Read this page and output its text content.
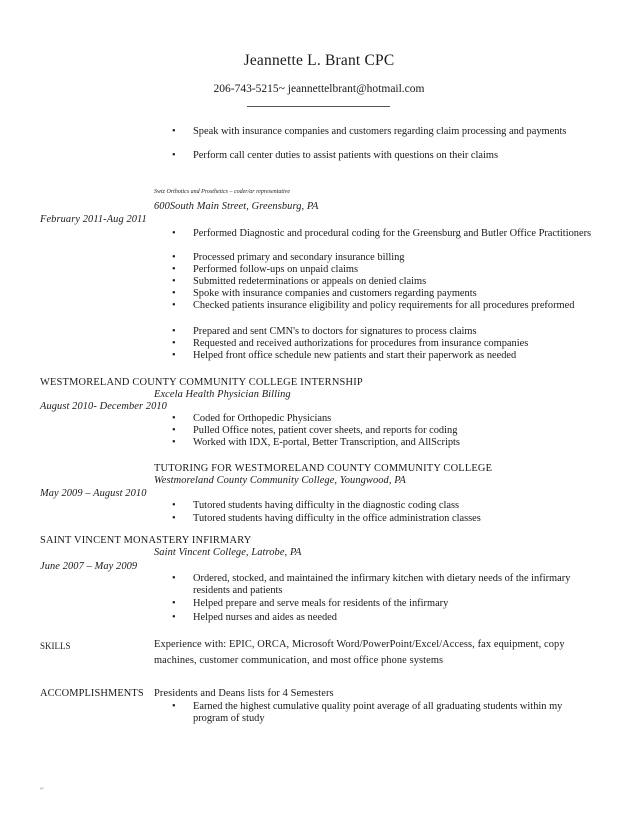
Jeannette L. Brant CPC
206-743-5215~ jeannettelbrant@hotmail.com
• Speak with insurance companies and customers regarding claim processing and payments
• Perform call center duties to assist patients with questions on their claims
Swtz Orthotics and Prosthetics – coder/ar representative
600South Main Street, Greensburg, PA
February 2011-Aug 2011
• Performed Diagnostic and procedural coding for the Greensburg and Butler Office Practitioners
• Processed primary and secondary insurance billing
• Performed follow-ups on unpaid claims
• Submitted redeterminations or appeals on denied claims
• Spoke with insurance companies and customers regarding payments
• Checked patients insurance eligibility and policy requirements for all procedures preformed
• Prepared and sent CMN's to doctors for signatures to process claims
• Requested and received authorizations for procedures from insurance companies
• Helped front office schedule new patients and start their paperwork as needed
WESTMORELAND COUNTY COMMUNITY COLLEGE INTERNSHIP
Excela Health Physician Billing
August 2010- December 2010
• Coded for Orthopedic Physicians
• Pulled Office notes, patient cover sheets, and reports for coding
• Worked with IDX, E-portal, Better Transcription, and AllScripts
TUTORING FOR WESTMORELAND COUNTY COMMUNITY COLLEGE
Westmoreland County Community College, Youngwood, PA
May 2009 – August 2010
• Tutored students having difficulty in the diagnostic coding class
• Tutored students having difficulty in the office administration classes
SAINT VINCENT MONASTERY INFIRMARY
Saint Vincent College, Latrobe, PA
June 2007 – May 2009
• Ordered, stocked, and maintained the infirmary kitchen with dietary needs of the infirmary residents and patients
• Helped prepare and serve meals for residents of the infirmary
• Helped nurses and aides as needed
SKILLS	Experience with: EPIC, ORCA, Microsoft Word/PowerPoint/Excel/Access, fax equipment, copy
machines, customer communication, and most office phone systems
ACCOMPLISHMENTS Presidents and Deans lists for 4 Semesters
• Earned the highest cumulative quality point average of all graduating students within my program of study
↵
